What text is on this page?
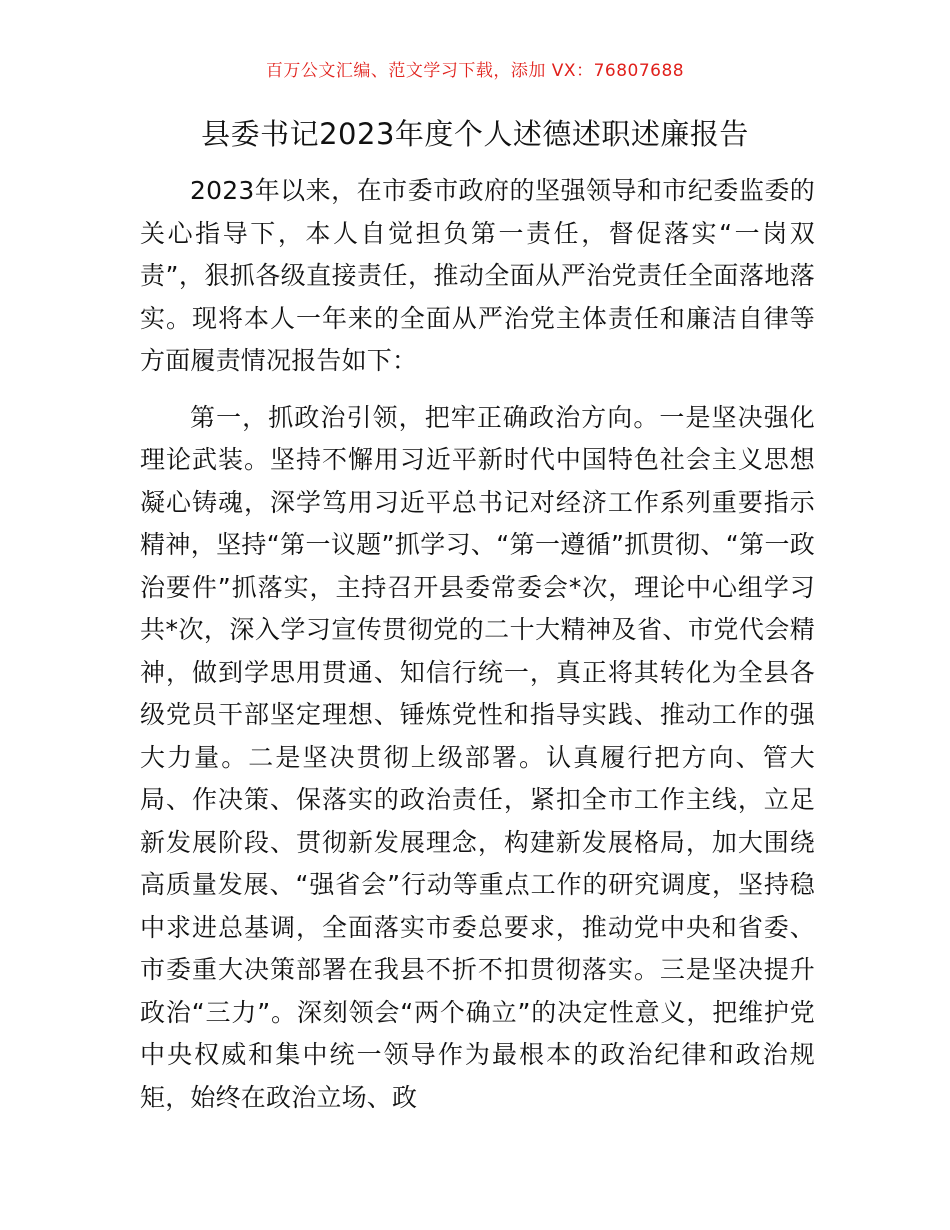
百万公文汇编、范文学习下载，添加 VX：76807688
县委书记2023年度个人述德述职述廉报告

2023年以来，在市委市政府的坚强领导和市纪委监委的关心指导下，本人自觉担负第一责任，督促落实“一岗双责”，狠抓各级直接责任，推动全面从严治党责任全面落地落实。现将本人一年来的全面从严治党主体责任和廉洁自律等方面履责情况报告如下：

第一，抓政治引领，把牢正确政治方向。一是坚决强化理论武装。坚持不懈用习近平新时代中国特色社会主义思想凝心铸魂，深学笃用习近平总书记对经济工作系列重要指示精神，坚持“第一议题”抓学习、“第一遵循”抓贯彻、“第一政治要件”抓落实，主持召开县委常委会*次，理论中心组学习共*次，深入学习宣传贯彻党的二十大精神及省、市党代会精神，做到学思用贯通、知信行统一，真正将其转化为全县各级党员干部坚定理想、锤炼党性和指导实践、推动工作的强大力量。二是坚决贯彻上级部署。认真履行把方向、管大局、作决策、保落实的政治责任，紧扣全市工作主线，立足新发展阶段、贯彻新发展理念，构建新发展格局，加大围绕高质量发展、“强省会”行动等重点工作的研究调度，坚持稳中求进总基调，全面落实市委总要求，推动党中央和省委、市委重大决策部署在我县不折不扣贯彻落实。三是坚决提升政治“三力”。深刻领会“两个确立”的决定性意义，把维护党中央权威和集中统一领导作为最根本的政治纪律和政治规矩，始终在政治立场、政
